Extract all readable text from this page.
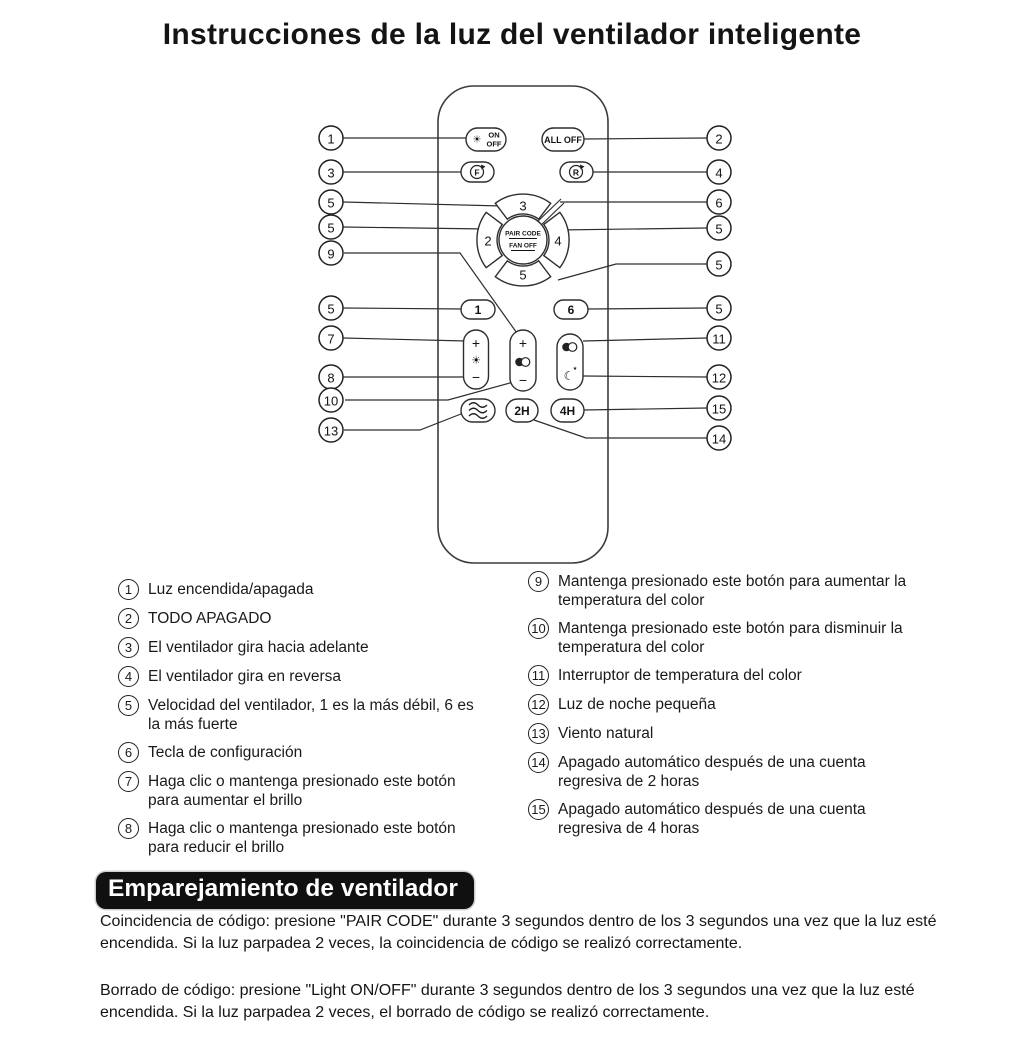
Instrucciones de la luz del ventilador inteligente
3
5
2	4
PAIR CODE
FAN OFF
☀ ON
OFF	ALL OFF
F	R
1	6
+
☀
−
+
−	☾
★
2H	4H
1
3
5
5
9
5
7
8
10
13
2
4
6
5
5
5
11
12
15
14
1	Luz encendida/apagada
2	TODO APAGADO
3	El ventilador gira hacia adelante
4	El ventilador gira en reversa
5	Velocidad del ventilador, 1 es la más débil, 6 es la más fuerte
6	Tecla de configuración
7	Haga clic o mantenga presionado este botón para aumentar el brillo
8	Haga clic o mantenga presionado este botón para reducir el brillo
9	Mantenga presionado este botón para aumentar la temperatura del color
10 Mantenga presionado este botón para disminuir la temperatura del color
11 Interruptor de temperatura del color
12 Luz de noche pequeña
13 Viento natural
14 Apagado automático después de una cuenta regresiva de 2 horas
15 Apagado automático después de una cuenta regresiva de 4 horas
Emparejamiento de ventilador

Coincidencia de código: presione "PAIR CODE" durante 3 segundos dentro de los 3 segundos una vez que la luz esté encendida. Si la luz parpadea 2 veces, la coincidencia de código se realizó correctamente.

Borrado de código: presione "Light ON/OFF" durante 3 segundos dentro de los 3 segundos una vez que la luz esté encendida. Si la luz parpadea 2 veces, el borrado de código se realizó correctamente.
